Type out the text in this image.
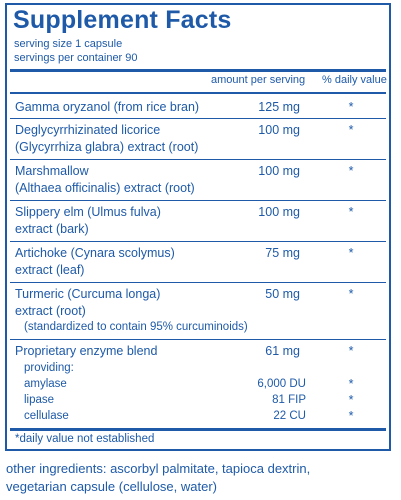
Supplement Facts
serving size 1 capsule
servings per container 90
amount per serving % daily value
Gamma oryzanol (from rice bran)	125 mg	*
Deglycyrrhizinated licorice
(Glycyrrhiza glabra) extract (root)
100 mg	*
Marshmallow
(Althaea officinalis) extract (root)
100 mg	*
Slippery elm (Ulmus fulva)
extract (bark)
100 mg	*
Artichoke (Cynara scolymus)
extract (leaf)
75 mg	*
Turmeric (Curcuma longa)
extract (root)
(standardized to contain 95% curcuminoids)
50 mg	*
Proprietary enzyme blend
providing:
61 mg	*
amylase	6,000 DU	*
lipase	81 FIP	*
cellulase	22 CU	*
*daily value not established
other ingredients: ascorbyl palmitate, tapioca dextrin,
vegetarian capsule (cellulose, water)
